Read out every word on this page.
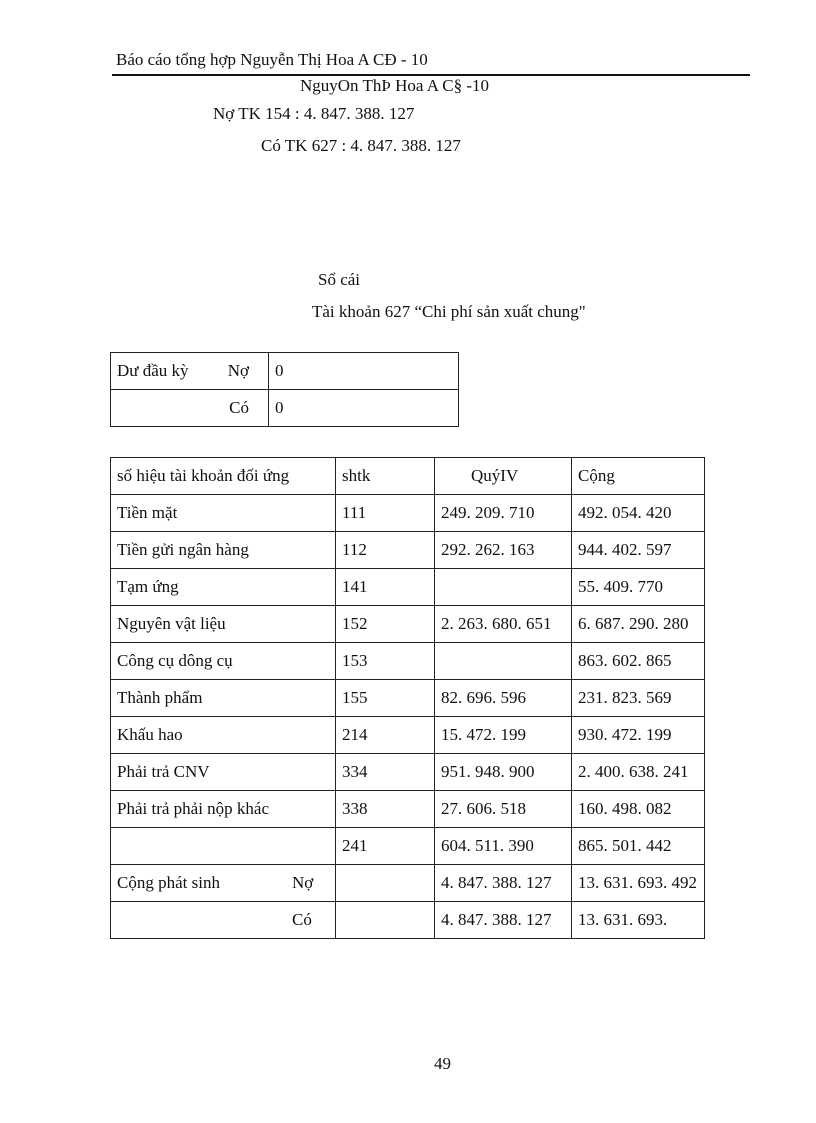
Báo cáo tổng hợp Nguyễn Thị Hoa A CĐ - 10
NguyOn ThÞ Hoa A C§ -10
Nợ TK 154 : 4. 847. 388. 127
Có TK 627 : 4. 847. 388. 127
Sổ cái
Tài khoản 627 “Chi phí sản xuất chung"
Dư đầu kỳ Nợ	0
Có	0
số hiệu tài khoản đối ứng	shtk	QuýIV	Cộng
Tiền mặt	111	249. 209. 710	492. 054. 420
Tiền gửi ngân hàng	112	292. 262. 163	944. 402. 597
Tạm ứng	141		55. 409. 770
Nguyên vật liệu	152	2. 263. 680. 651	6. 687. 290. 280
Công cụ dông cụ	153		863. 602. 865
Thành phẩm	155	82. 696. 596	231. 823. 569
Khấu hao	214	15. 472. 199	930. 472. 199
Phải trả CNV	334	951. 948. 900	2. 400. 638. 241
Phải trả phải nộp khác	338	27. 606. 518	160. 498. 082
	241	604. 511. 390	865. 501. 442
Cộng phát sinh Nợ		4. 847. 388. 127	13. 631. 693. 492
Có		4. 847. 388. 127	13. 631. 693.
49
